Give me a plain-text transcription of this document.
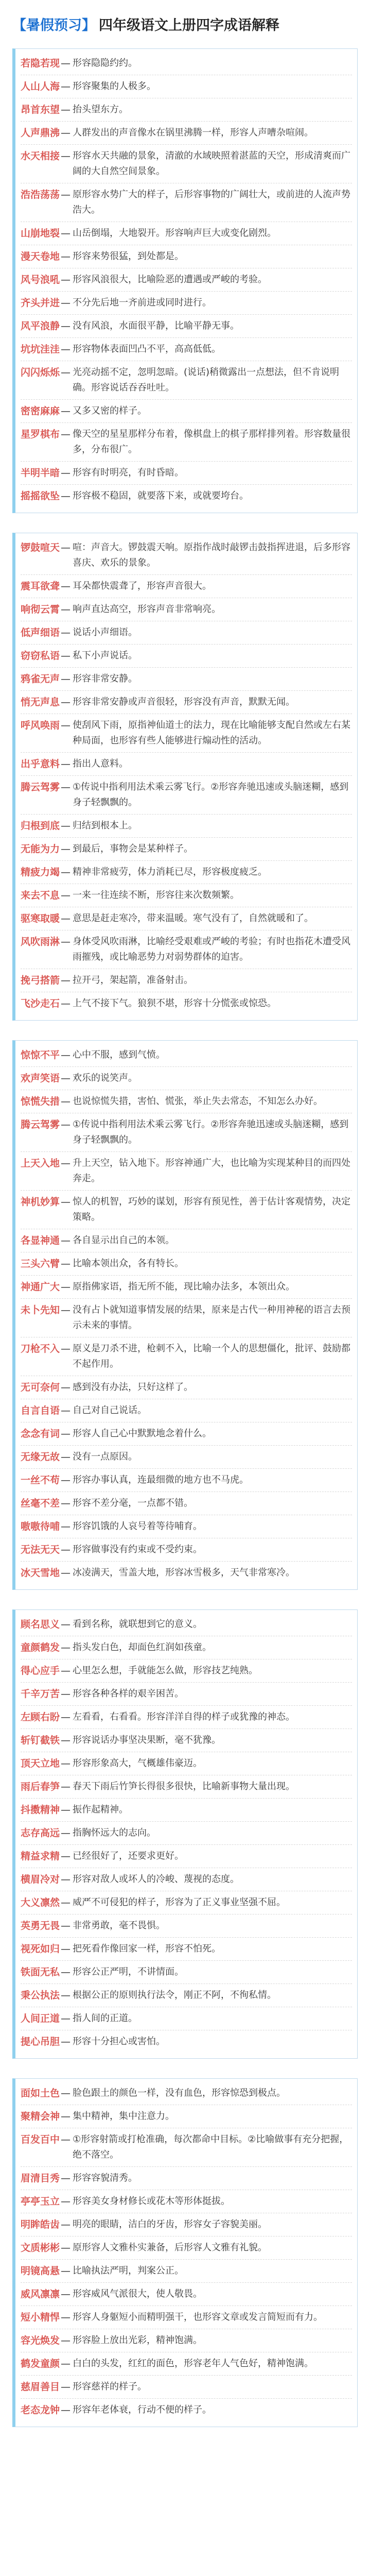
【 暑假预习 】 四年级语文上册四字成语解释
若隐若现 — 形容隐隐约约。
人山人海 — 形容聚集的人极多。
昂首东望 — 抬头望东方。
人声鼎沸 — 人群发出的声音像水在锅里沸腾一样，形容人声嘈杂喧闹。
水天相接 — 形容水天共融的景象，清澈的水域映照着湛蓝的天空，形成清爽而广阔的大自然空间景象。
浩浩荡荡 — 原形容水势广大的样子，后形容事物的广阔壮大，或前进的人流声势浩大。
山崩地裂 — 山岳倒塌，大地裂开。形容响声巨大或变化剧烈。
漫天卷地 — 形容来势很猛，到处都是。
风号浪吼 — 形容风浪很大，比喻险恶的遭遇或严峻的考验。
齐头并进 — 不分先后地一齐前进或同时进行。
风平浪静 — 没有风浪，水面很平静，比喻平静无事。
坑坑洼洼 — 形容物体表面凹凸不平，高高低低。
闪闪烁烁 — 光亮动摇不定，忽明忽暗。(说话)稍微露出一点想法，但不肯说明确。形容说话吞吞吐吐。
密密麻麻 — 又多又密的样子。
星罗棋布 — 像天空的星星那样分布着，像棋盘上的棋子那样排列着。形容数量很多，分布很广。
半明半暗 — 形容有时明亮，有时昏暗。
摇摇欲坠 — 形容极不稳固，就要落下来，或就要垮台。
锣鼓喧天 — 喧：声音大。锣鼓震天响。原指作战时敲锣击鼓指挥进退，后多形容喜庆、欢乐的景象。
震耳欲聋 — 耳朵都快震聋了，形容声音很大。
响彻云霄 — 响声直达高空，形容声音非常响亮。
低声细语 — 说话小声细语。
窃窃私语 — 私下小声说话。
鸦雀无声 — 形容非常安静。
悄无声息 — 形容非常安静或声音很轻，形容没有声音，默默无闻。
呼风唤雨 — 使刮风下雨，原指神仙道士的法力，现在比喻能够支配自然或左右某种局面，也形容有些人能够进行煽动性的活动。
出乎意料 — 指出人意料。
腾云驾雾 — ①传说中指利用法术乘云雾飞行。②形容奔驰迅速或头脑迷糊，感到身子轻飘飘的。
归根到底 — 归结到根本上。
无能为力 — 到最后，事物会是某种样子。
精疲力竭 — 精神非常疲劳，体力消耗已尽，形容极度疲乏。
来去不息 — 一来一往连续不断，形容往来次数频繁。
驱寒取暖 — 意思是赶走寒冷，带来温暖。寒气没有了，自然就暖和了。
风吹雨淋 — 身体受风吹雨淋，比喻经受艰难或严峻的考验；有时也指花木遭受风雨摧残，或比喻恶势力对弱势群体的迫害。
挽弓搭箭 — 拉开弓，架起箭，准备射击。
飞沙走石 — 上气不接下气。狼狈不堪，形容十分慌张或惊恐。
惊惊不平 — 心中不服，感到气愤。
欢声笑语 — 欢乐的说笑声。
惊慌失措 — 也说惊慌失措，害怕、慌张，举止失去常态，不知怎么办好。
腾云驾雾 — ①传说中指利用法术乘云雾飞行。②形容奔驰迅速或头脑迷糊，感到身子轻飘飘的。
上天入地 — 升上天空，钻入地下。形容神通广大，也比喻为实现某种目的而四处奔走。
神机妙算 — 惊人的机智，巧妙的谋划，形容有预见性，善于估计客观情势，决定策略。
各显神通 — 各自显示出自己的本领。
三头六臂 — 比喻本领出众，各有特长。
神通广大 — 原指佛家语，指无所不能，现比喻办法多，本领出众。
未卜先知 — 没有占卜就知道事情发展的结果，原来是古代一种用神秘的语言去预示未来的事情。
刀枪不入 — 原义是刀杀不进，枪刺不入，比喻一个人的思想僵化，批评、鼓励都不起作用。
无可奈何 — 感到没有办法，只好这样了。
自言自语 — 自己对自己说话。
念念有词 — 形容人自己心中默默地念着什么。
无缘无故 — 没有一点原因。
一丝不苟 — 形容办事认真，连最细微的地方也不马虎。
丝毫不差 — 形容不差分毫，一点都不错。
嗷嗷待哺 — 形容饥饿的人哀号着等待哺育。
无法无天 — 形容做事没有约束或不受约束。
冰天雪地 — 冰凌满天，雪盖大地，形容冰雪极多，天气非常寒冷。
顾名思义 — 看到名称，就联想到它的意义。
童颜鹤发 — 指头发白色，却面色红润如孩童。
得心应手 — 心里怎么想，手就能怎么做，形容技艺纯熟。
千辛万苦 — 形容各种各样的艰辛困苦。
左顾右盼 — 左看看，右看看。形容洋洋自得的样子或犹豫的神态。
斩钉截铁 — 形容说话办事坚决果断，毫不犹豫。
顶天立地 — 形容形象高大，气概雄伟豪迈。
雨后春笋 — 春天下雨后竹笋长得很多很快，比喻新事物大量出现。
抖擞精神 — 振作起精神。
志存高远 — 指胸怀远大的志向。
精益求精 — 已经很好了，还要求更好。
横眉冷对 — 形容对敌人或坏人的冷峻、蔑视的态度。
大义凛然 — 威严不可侵犯的样子，形容为了正义事业坚强不屈。
英勇无畏 — 非常勇敢，毫不畏惧。
视死如归 — 把死看作像回家一样，形容不怕死。
铁面无私 — 形容公正严明，不讲情面。
秉公执法 — 根据公正的原则执行法令，刚正不阿，不徇私情。
人间正道 — 指人间的正道。
提心吊胆 — 形容十分担心或害怕。
面如土色 — 脸色跟土的颜色一样，没有血色，形容惊恐到极点。
聚精会神 — 集中精神，集中注意力。
百发百中 — ①形容射箭或打枪准确，每次都命中目标。②比喻做事有充分把握，绝不落空。
眉清目秀 — 形容容貌清秀。
亭亭玉立 — 形容美女身材修长或花木等形体挺拔。
明眸皓齿 — 明亮的眼睛，洁白的牙齿，形容女子容貌美丽。
文质彬彬 — 原形容人文雅朴实兼备，后形容人文雅有礼貌。
明镜高悬 — 比喻执法严明，判案公正。
威风凛凛 — 形容威风气派很大，使人敬畏。
短小精悍 — 形容人身躯短小而精明强干，也形容文章或发言简短而有力。
容光焕发 — 形容脸上放出光彩，精神饱满。
鹤发童颜 — 白白的头发，红红的面色，形容老年人气色好，精神饱满。
慈眉善目 — 形容慈祥的样子。
老态龙钟 — 形容年老体衰，行动不便的样子。
